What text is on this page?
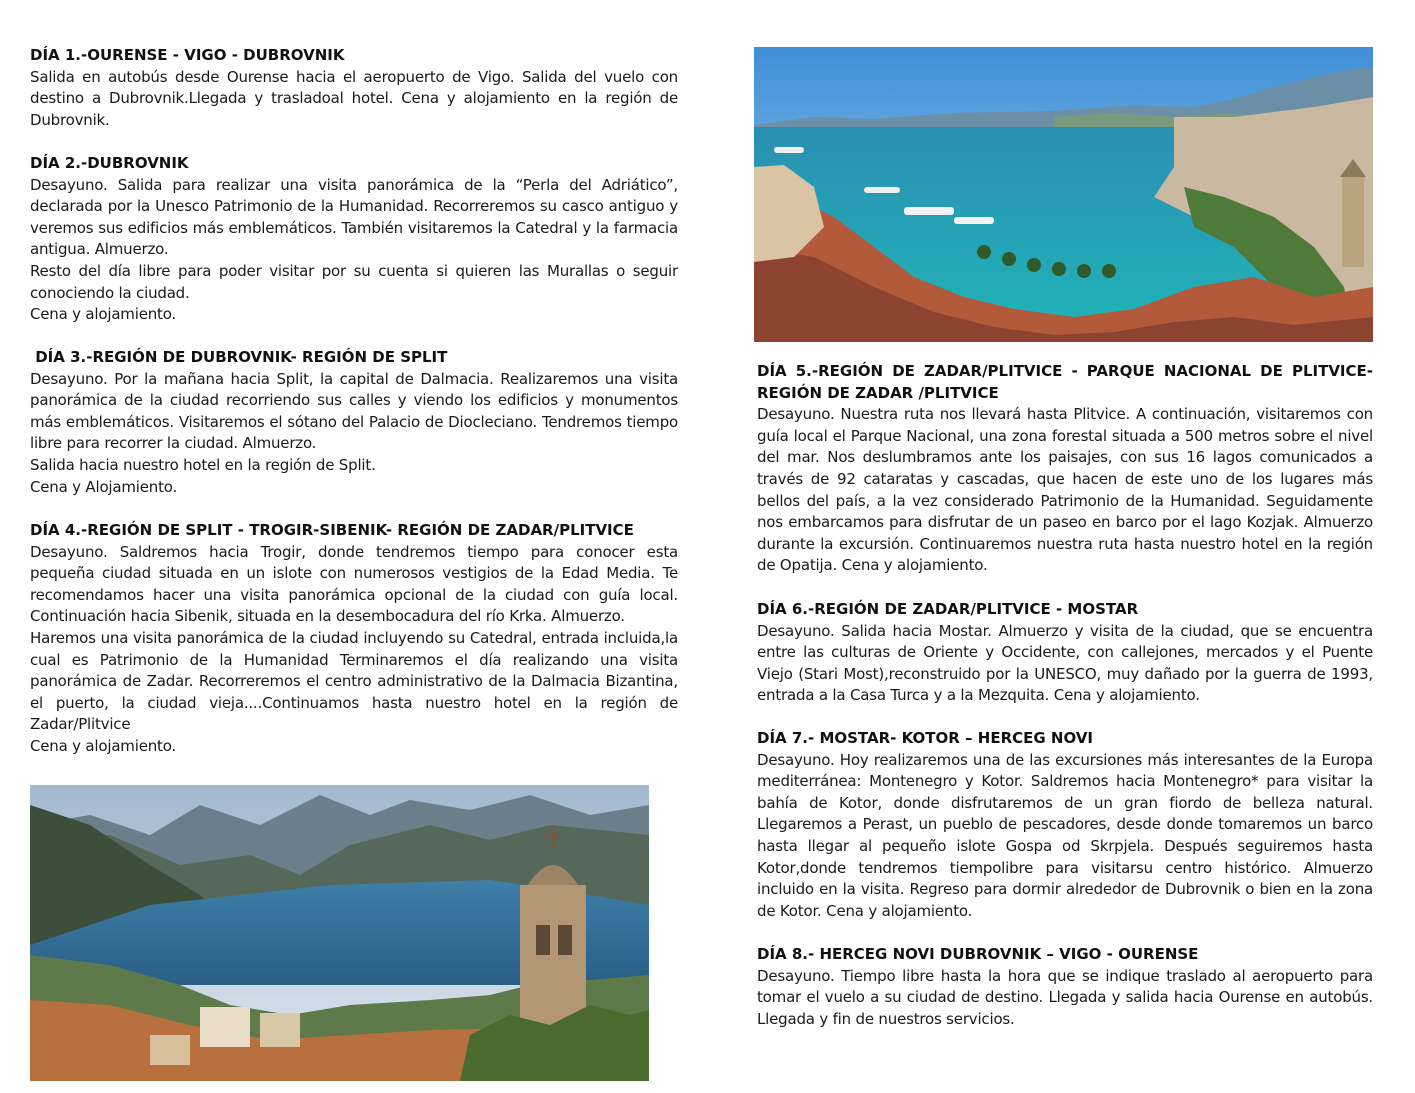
DÍA 1.-OURENSE - VIGO - DUBROVNIK

Salida en autobús desde Ourense hacia el aeropuerto de Vigo. Salida del vuelo con destino a Dubrovnik.Llegada y trasladoal hotel. Cena y alojamiento en la región de Dubrovnik.

DÍA 2.-DUBROVNIK

Desayuno. Salida para realizar una visita panorámica de la “Perla del Adriático”, declarada por la Unesco Patrimonio de la Humanidad. Recorreremos su casco antiguo y veremos sus edificios más emblemáticos. También visitaremos la Catedral y la farmacia antigua. Almuerzo.

Resto del día libre para poder visitar por su cuenta si quieren las Murallas o seguir conociendo la ciudad.

Cena y alojamiento.

DÍA 3.-REGIÓN DE DUBROVNIK- REGIÓN DE SPLIT

Desayuno. Por la mañana hacia Split, la capital de Dalmacia. Realizaremos una visita panorámica de la ciudad recorriendo sus calles y viendo los edificios y monumentos más emblemáticos. Visitaremos el sótano del Palacio de Diocleciano. Tendremos tiempo libre para recorrer la ciudad. Almuerzo.

Salida hacia nuestro hotel en la región de Split.

Cena y Alojamiento.

DÍA 4.-REGIÓN DE SPLIT - TROGIR-SIBENIK- REGIÓN DE ZADAR/PLITVICE

Desayuno. Saldremos hacia Trogir, donde tendremos tiempo para conocer esta pequeña ciudad situada en un islote con numerosos vestigios de la Edad Media. Te recomendamos hacer una visita panorámica opcional de la ciudad con guía local. Continuación hacia Sibenik, situada en la desembocadura del río Krka. Almuerzo.

Haremos una visita panorámica de la ciudad incluyendo su Catedral, entrada incluida,la cual es Patrimonio de la Humanidad Terminaremos el día realizando una visita panorámica de Zadar. Recorreremos el centro administrativo de la Dalmacia Bizantina, el puerto, la ciudad vieja....Continuamos hasta nuestro hotel en la región de Zadar/Plitvice

Cena y alojamiento.

DÍA 5.-REGIÓN DE ZADAR/PLITVICE - PARQUE NACIONAL DE PLITVICE- REGIÓN DE ZADAR /PLITVICE

Desayuno. Nuestra ruta nos llevará hasta Plitvice. A continuación, visitaremos con guía local el Parque Nacional, una zona forestal situada a 500 metros sobre el nivel del mar. Nos deslumbramos ante los paisajes, con sus 16 lagos comunicados a través de 92 cataratas y cascadas, que hacen de este uno de los lugares más bellos del país, a la vez considerado Patrimonio de la Humanidad. Seguidamente nos embarcamos para disfrutar de un paseo en barco por el lago Kozjak. Almuerzo durante la excursión. Continuaremos nuestra ruta hasta nuestro hotel en la región de Opatija. Cena y alojamiento.

DÍA 6.-REGIÓN DE ZADAR/PLITVICE - MOSTAR

Desayuno. Salida hacia Mostar. Almuerzo y visita de la ciudad, que se encuentra entre las culturas de Oriente y Occidente, con callejones, mercados y el Puente Viejo (Stari Most),reconstruido por la UNESCO, muy dañado por la guerra de 1993, entrada a la Casa Turca y a la Mezquita. Cena y alojamiento.

DÍA 7.- MOSTAR- KOTOR – HERCEG NOVI

Desayuno. Hoy realizaremos una de las excursiones más interesantes de la Europa mediterránea: Montenegro y Kotor. Saldremos hacia Montenegro* para visitar la bahía de Kotor, donde disfrutaremos de un gran fiordo de belleza natural. Llegaremos a Perast, un pueblo de pescadores, desde donde tomaremos un barco hasta llegar al pequeño islote Gospa od Skrpjela. Después seguiremos hasta Kotor,donde tendremos tiempolibre para visitarsu centro histórico. Almuerzo incluido en la visita. Regreso para dormir alrededor de Dubrovnik o bien en la zona de Kotor. Cena y alojamiento.

DÍA 8.- HERCEG NOVI DUBROVNIK – VIGO - OURENSE

Desayuno. Tiempo libre hasta la hora que se indique traslado al aeropuerto para tomar el vuelo a su ciudad de destino. Llegada y salida hacia Ourense en autobús. Llegada y fin de nuestros servicios.
